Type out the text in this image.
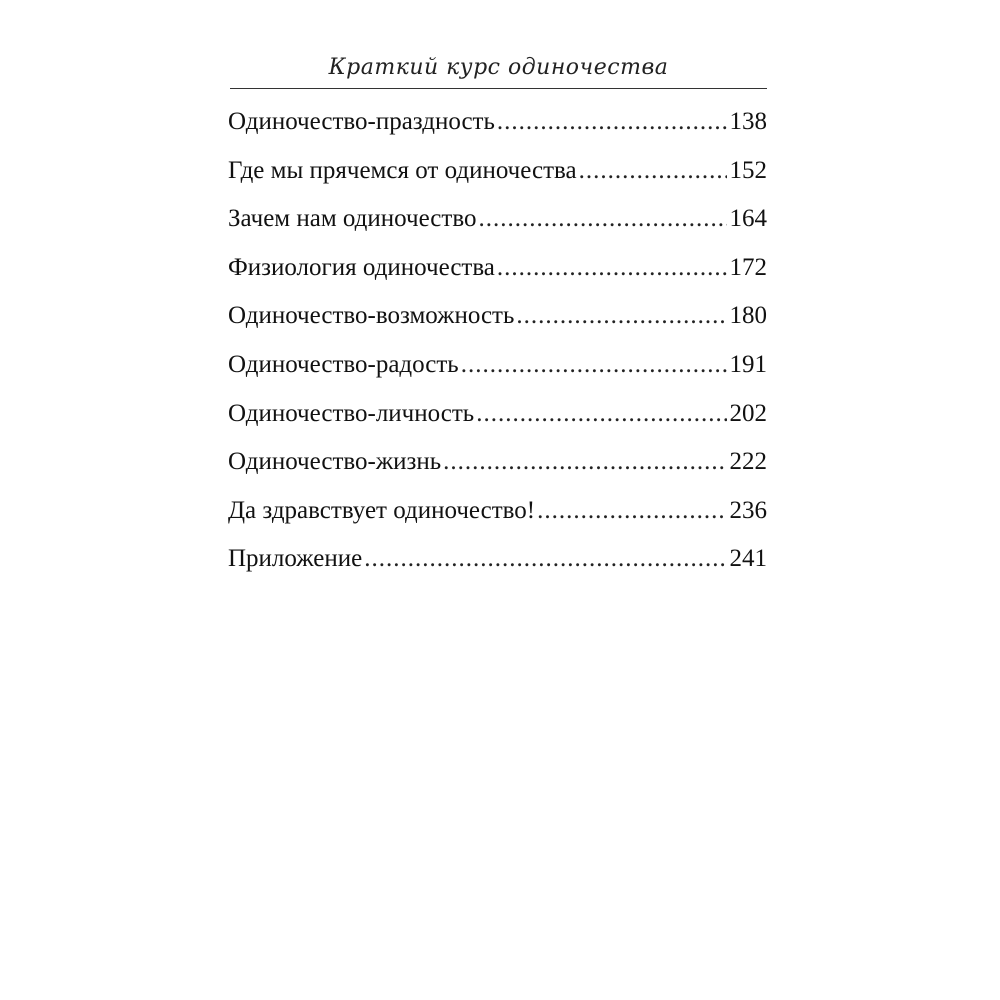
Краткий курс одиночества
Одиночество-праздность .....	138
Где мы прячемся от одиночества .....	152
Зачем нам одиночество .....	164
Физиология одиночества .....	172
Одиночество-возможность .....	180
Одиночество-радость .....	191
Одиночество-личность .....	202
Одиночество-жизнь .....	222
Да здравствует одиночество! .....	236
Приложение .....	241
